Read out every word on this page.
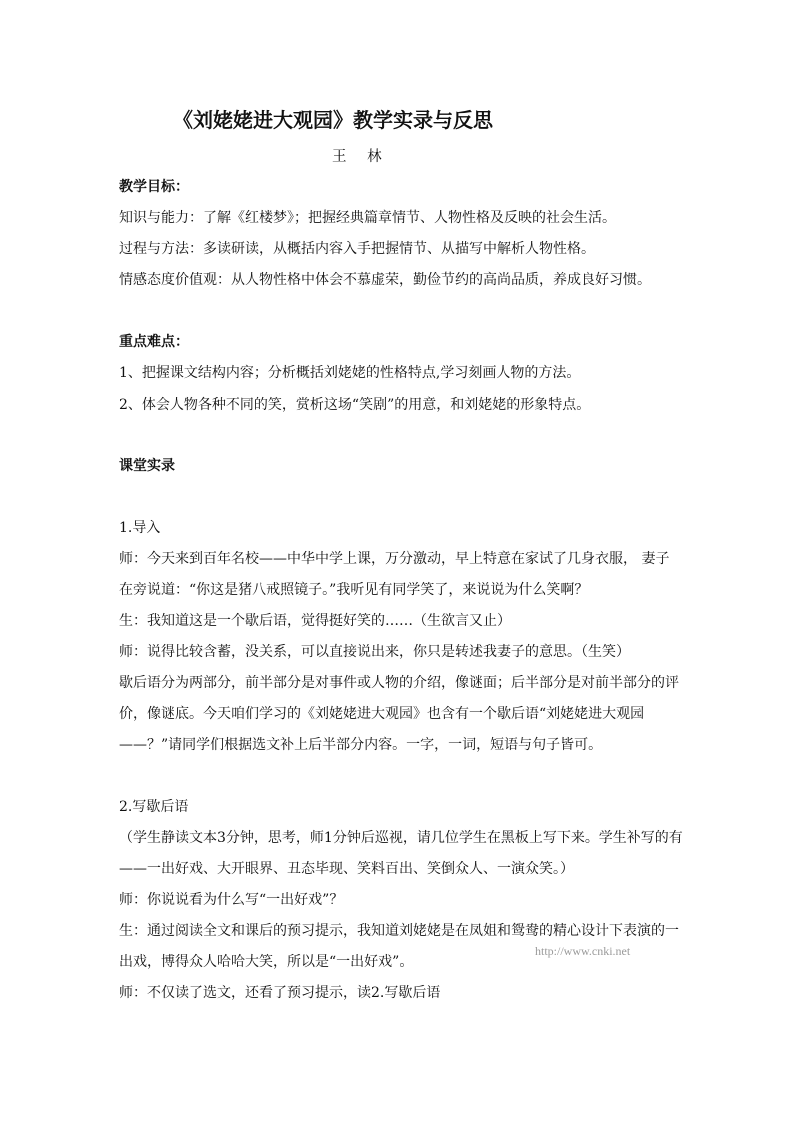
《刘姥姥进大观园》教学实录与反思
王 林
教学目标：
知识与能力：了解《红楼梦》；把握经典篇章情节、人物性格及反映的社会生活。
过程与方法：多读研读，从概括内容入手把握情节、从描写中解析人物性格。
情感态度价值观：从人物性格中体会不慕虚荣，勤俭节约的高尚品质，养成良好习惯。
重点难点：
1、把握课文结构内容；分析概括刘姥姥的性格特点,学习刻画人物的方法。
2、体会人物各种不同的笑，赏析这场“笑剧”的用意，和刘姥姥的形象特点。
课堂实录
1.导入
师：今天来到百年名校——中华中学上课，万分激动，早上特意在家试了几身衣服， 妻子
在旁说道：“你这是猪八戒照镜子。”我听见有同学笑了，来说说为什么笑啊？
生：我知道这是一个歇后语，觉得挺好笑的……（生欲言又止）
师：说得比较含蓄，没关系，可以直接说出来，你只是转述我妻子的意思。（生笑）
歇后语分为两部分，前半部分是对事件或人物的介绍，像谜面；后半部分是对前半部分的评
价，像谜底。今天咱们学习的《刘姥姥进大观园》也含有一个歇后语“刘姥姥进大观园
——？”请同学们根据选文补上后半部分内容。一字，一词，短语与句子皆可。
2.写歇后语
（学生静读文本3分钟，思考，师1分钟后巡视，请几位学生在黑板上写下来。学生补写的有
——一出好戏、大开眼界、丑态毕现、笑料百出、笑倒众人、一演众笑。）
师：你说说看为什么写“一出好戏”？
生：通过阅读全文和课后的预习提示，我知道刘姥姥是在凤姐和鸳鸯的精心设计下表演的一
出戏，博得众人哈哈大笑，所以是“一出好戏”。
师：不仅读了选文，还看了预习提示，读2.写歇后语
http://www.cnki.net
